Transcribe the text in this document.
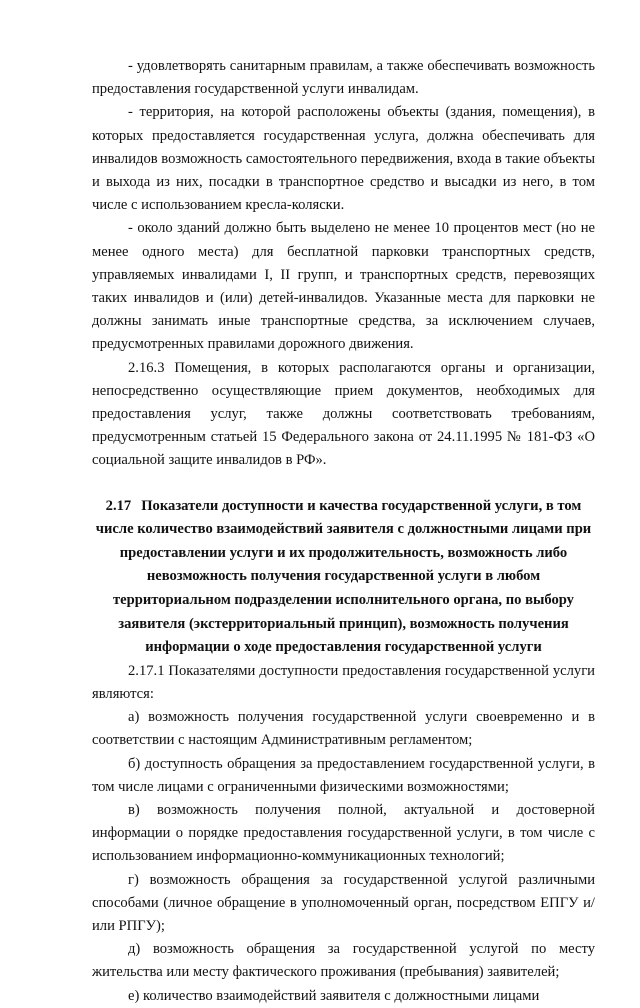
- удовлетворять санитарным правилам, а также обеспечивать возможность предоставления государственной услуги инвалидам.

- территория, на которой расположены объекты (здания, помещения), в которых предоставляется государственная услуга, должна обеспечивать для инвалидов возможность самостоятельного передвижения, входа в такие объекты и выхода из них, посадки в транспортное средство и высадки из него, в том числе с использованием кресла-коляски.

- около зданий должно быть выделено не менее 10 процентов мест (но не менее одного места) для бесплатной парковки транспортных средств, управляемых инвалидами I, II групп, и транспортных средств, перевозящих таких инвалидов и (или) детей-инвалидов. Указанные места для парковки не должны занимать иные транспортные средства, за исключением случаев, предусмотренных правилами дорожного движения.

2.16.3 Помещения, в которых располагаются органы и организации, непосредственно осуществляющие прием документов, необходимых для предоставления услуг, также должны соответствовать требованиям, предусмотренным статьей 15 Федерального закона от 24.11.1995 № 181-ФЗ «О социальной защите инвалидов в РФ».

2.17 Показатели доступности и качества государственной услуги, в том числе количество взаимодействий заявителя с должностными лицами при предоставлении услуги и их продолжительность, возможность либо невозможность получения государственной услуги в любом территориальном подразделении исполнительного органа, по выбору заявителя (экстерриториальный принцип), возможность получения информации о ходе предоставления государственной услуги

2.17.1 Показателями доступности предоставления государственной услуги являются:

а) возможность получения государственной услуги своевременно и в соответствии с настоящим Административным регламентом;

б) доступность обращения за предоставлением государственной услуги, в том числе лицами с ограниченными физическими возможностями;

в) возможность получения полной, актуальной и достоверной информации о порядке предоставления государственной услуги, в том числе с использованием информационно-коммуникационных технологий;

г) возможность обращения за государственной услугой различными способами (личное обращение в уполномоченный орган, посредством ЕПГУ и/или РПГУ);

д) возможность обращения за государственной услугой по месту жительства или месту фактического проживания (пребывания) заявителей;

е) количество взаимодействий заявителя с должностными лицами
